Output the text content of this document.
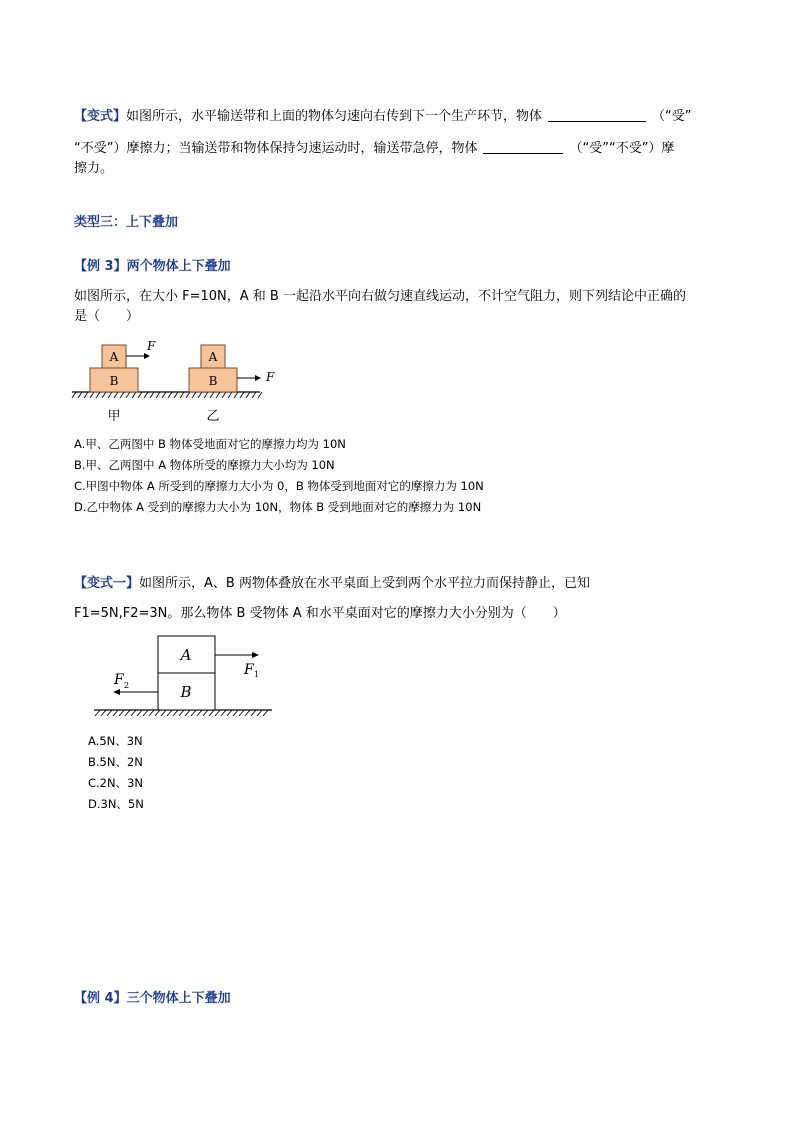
【变式】如图所示，水平输送带和上面的物体匀速向右传到下一个生产环节，物体	（“受”
“不受”）摩擦力；当输送带和物体保持匀速运动时，输送带急停，物体	（“受”“不受”）摩
擦力。
类型三：上下叠加
【例 3】两个物体上下叠加
如图所示，在大小 F=10N，A 和 B 一起沿水平向右做匀速直线运动，不计空气阻力，则下列结论中正确的
是（　　）
A
B
F
甲
A
B	F
乙
A.甲、乙两图中 B 物体受地面对它的摩擦力均为 10N
B.甲、乙两图中 A 物体所受的摩擦力大小均为 10N
C.甲图中物体 A 所受到的摩擦力大小为 0，B 物体受到地面对它的摩擦力为 10N
D.乙中物体 A 受到的摩擦力大小为 10N，物体 B 受到地面对它的摩擦力为 10N
【变式一】如图所示，A、B 两物体叠放在水平桌面上受到两个水平拉力而保持静止，已知
F1=5N,F2=3N。那么物体 B 受物体 A 和水平桌面对它的摩擦力大小分别为（　　）
A
B
F 1
F 2
A.5N、3N
B.5N、2N
C.2N、3N
D.3N、5N
【例 4】三个物体上下叠加
